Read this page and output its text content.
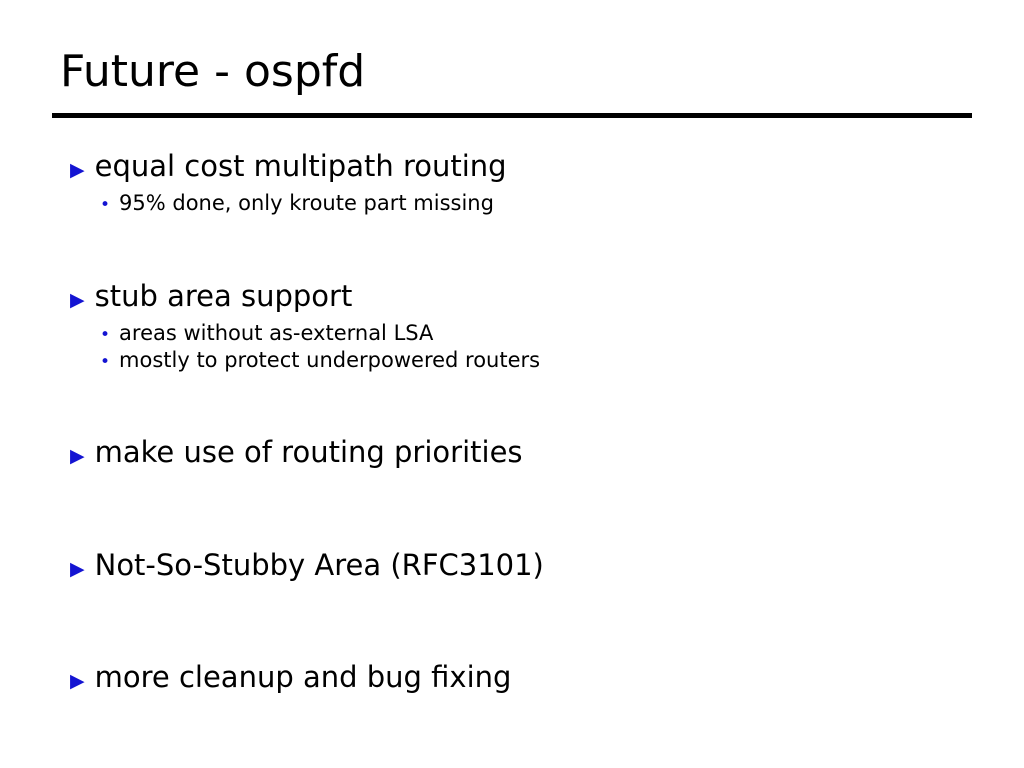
Future - ospfd
▶ equal cost multipath routing
• 95% done, only kroute part missing
▶ stub area support
• areas without as-external LSA
• mostly to protect underpowered routers
▶ make use of routing priorities
▶ Not-So-Stubby Area (RFC3101)
▶ more cleanup and bug fixing
